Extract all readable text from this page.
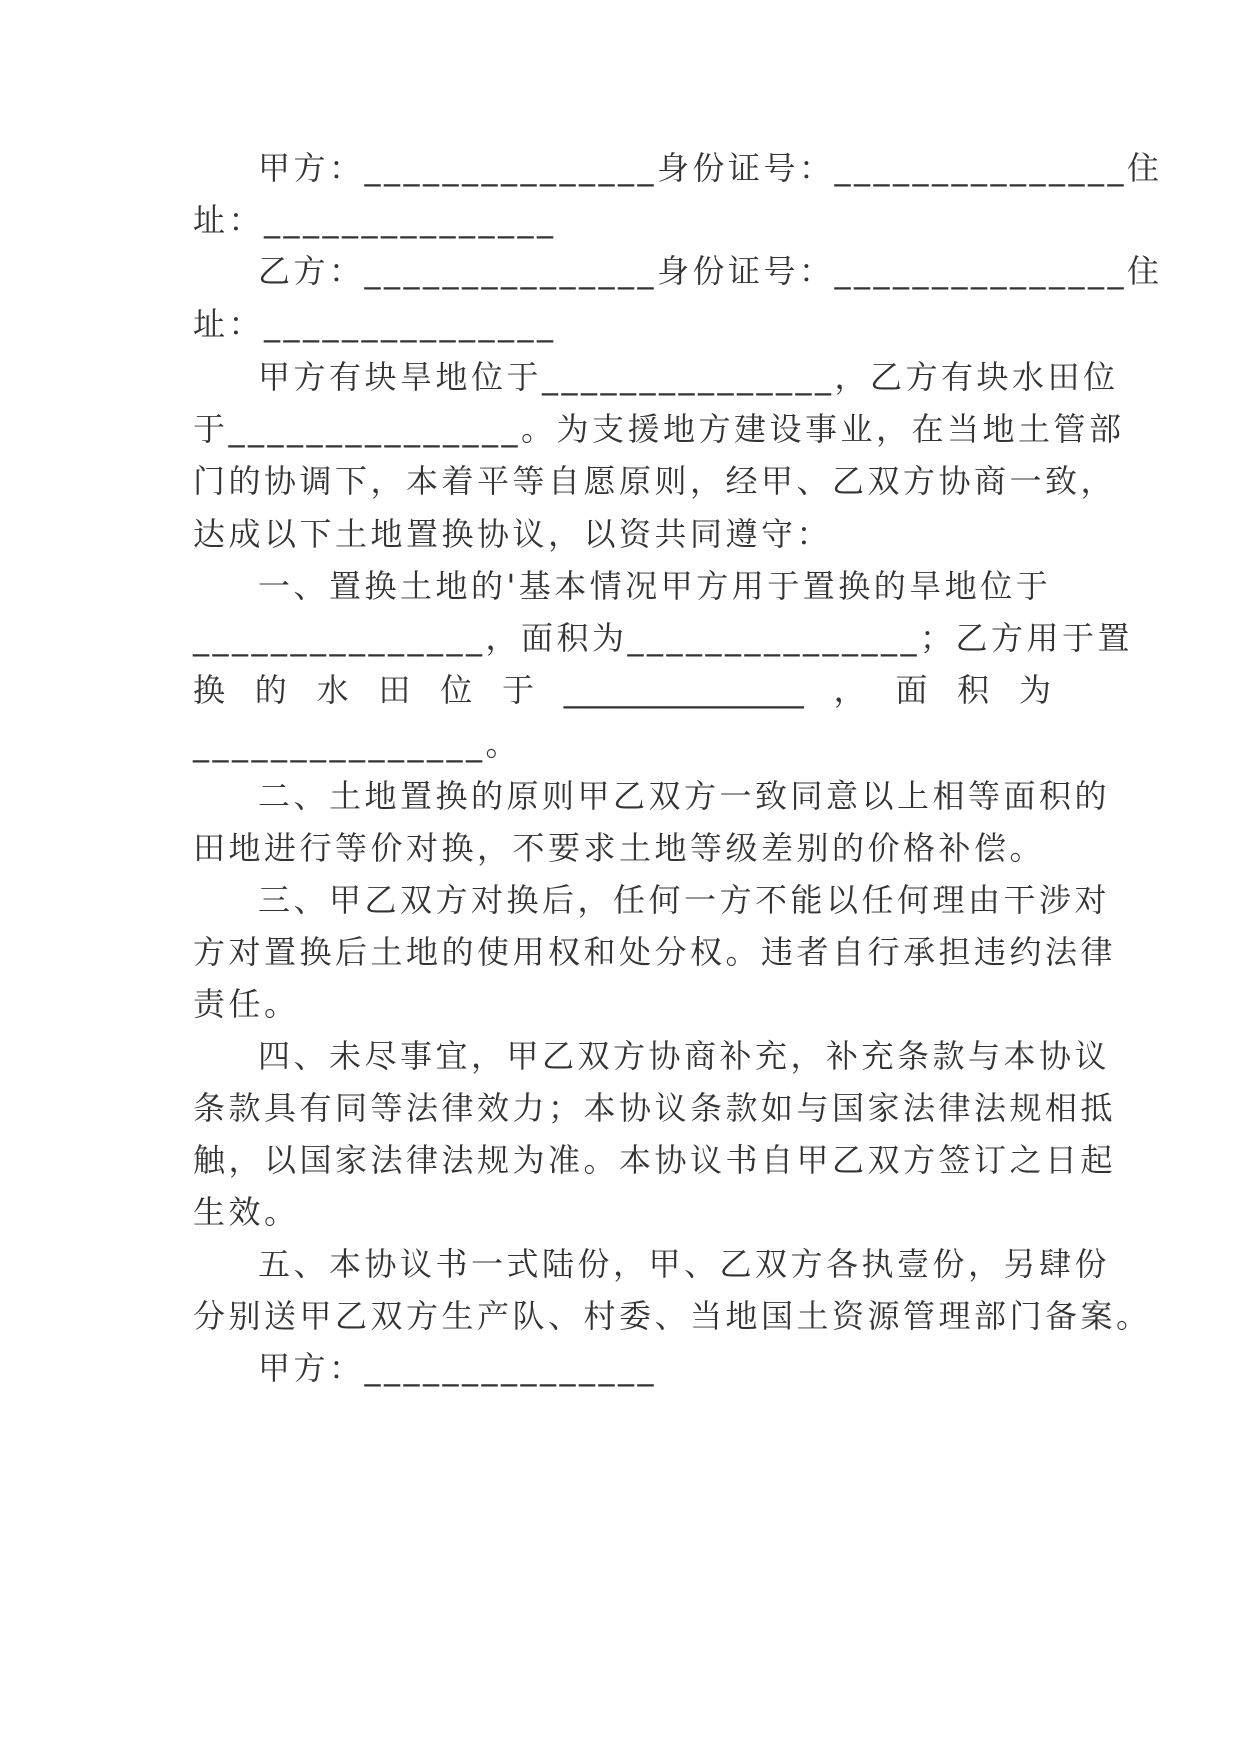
甲方：_______________身份证号：_______________住
址：_______________
乙方：_______________身份证号：_______________住
址：_______________
甲方有块旱地位于_______________，乙方有块水田位
于_______________。为支援地方建设事业，在当地土管部
门的协调下，本着平等自愿原则，经甲、乙双方协商一致，
达成以下土地置换协议，以资共同遵守：
一、置换土地的'基本情况甲方用于置换的旱地位于
_______________，面积为_______________；乙方用于置
换 的 水 田 位 于 _______________ ， 面 积 为
_______________。
二、土地置换的原则甲乙双方一致同意以上相等面积的
田地进行等价对换，不要求土地等级差别的价格补偿。
三、甲乙双方对换后，任何一方不能以任何理由干涉对
方对置换后土地的使用权和处分权。违者自行承担违约法律
责任。
四、未尽事宜，甲乙双方协商补充，补充条款与本协议
条款具有同等法律效力；本协议条款如与国家法律法规相抵
触，以国家法律法规为准。本协议书自甲乙双方签订之日起
生效。
五、本协议书一式陆份，甲、乙双方各执壹份，另肆份
分别送甲乙双方生产队、村委、当地国土资源管理部门备案。
甲方：_______________
